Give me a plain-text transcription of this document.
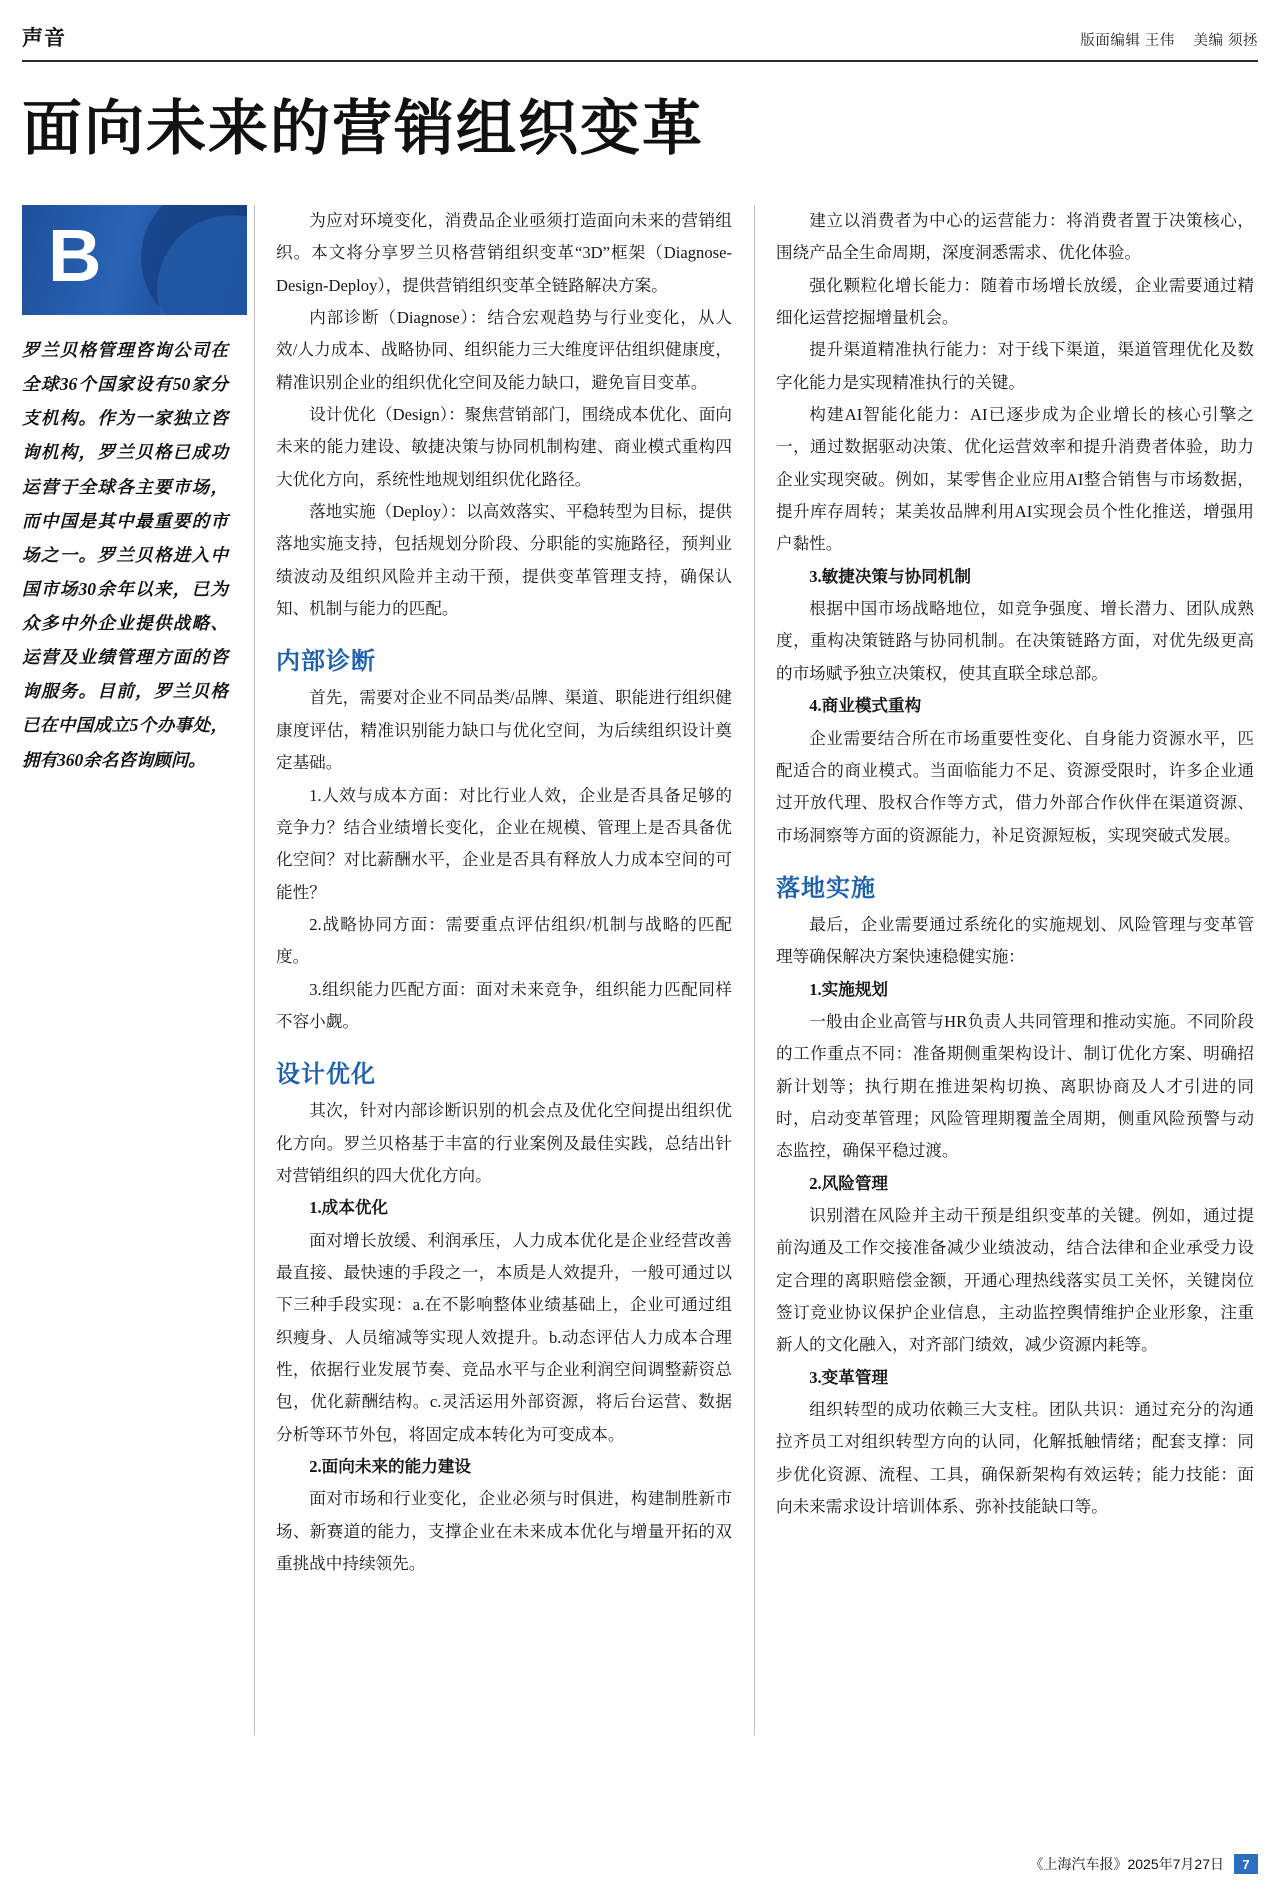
声音	版面编辑 王伟 美编 须拯
面向未来的营销组织变革
B
罗兰贝格管理咨询公司在全球36个国家设有50家分支机构。作为一家独立咨询机构，罗兰贝格已成功运营于全球各主要市场，而中国是其中最重要的市场之一。罗兰贝格进入中国市场30余年以来，已为众多中外企业提供战略、运营及业绩管理方面的咨询服务。目前，罗兰贝格已在中国成立5个办事处，拥有360余名咨询顾问。

为应对环境变化，消费品企业亟须打造面向未来的营销组织。本文将分享罗兰贝格营销组织变革“3D”框架（Diagnose-Design-Deploy），提供营销组织变革全链路解决方案。

内部诊断（Diagnose）：结合宏观趋势与行业变化，从人效/人力成本、战略协同、组织能力三大维度评估组织健康度，精准识别企业的组织优化空间及能力缺口，避免盲目变革。

设计优化（Design）：聚焦营销部门，围绕成本优化、面向未来的能力建设、敏捷决策与协同机制构建、商业模式重构四大优化方向，系统性地规划组织优化路径。

落地实施（Deploy）：以高效落实、平稳转型为目标，提供落地实施支持，包括规划分阶段、分职能的实施路径，预判业绩波动及组织风险并主动干预，提供变革管理支持，确保认知、机制与能力的匹配。

内部诊断

首先，需要对企业不同品类/品牌、渠道、职能进行组织健康度评估，精准识别能力缺口与优化空间，为后续组织设计奠定基础。

1.人效与成本方面：对比行业人效，企业是否具备足够的竞争力？结合业绩增长变化，企业在规模、管理上是否具备优化空间？对比薪酬水平，企业是否具有释放人力成本空间的可能性？

2.战略协同方面：需要重点评估组织/机制与战略的匹配度。

3.组织能力匹配方面：面对未来竞争，组织能力匹配同样不容小觑。

设计优化

其次，针对内部诊断识别的机会点及优化空间提出组织优化方向。罗兰贝格基于丰富的行业案例及最佳实践，总结出针对营销组织的四大优化方向。

1.成本优化

面对增长放缓、利润承压，人力成本优化是企业经营改善最直接、最快速的手段之一，本质是人效提升，一般可通过以下三种手段实现：a.在不影响整体业绩基础上，企业可通过组织瘦身、人员缩减等实现人效提升。b.动态评估人力成本合理性，依据行业发展节奏、竞品水平与企业利润空间调整薪资总包，优化薪酬结构。c.灵活运用外部资源，将后台运营、数据分析等环节外包，将固定成本转化为可变成本。

2.面向未来的能力建设

面对市场和行业变化，企业必须与时俱进，构建制胜新市场、新赛道的能力，支撑企业在未来成本优化与增量开拓的双重挑战中持续领先。

建立以消费者为中心的运营能力：将消费者置于决策核心，围绕产品全生命周期，深度洞悉需求、优化体验。

强化颗粒化增长能力：随着市场增长放缓，企业需要通过精细化运营挖掘增量机会。

提升渠道精准执行能力：对于线下渠道，渠道管理优化及数字化能力是实现精准执行的关键。

构建AI智能化能力：AI已逐步成为企业增长的核心引擎之一，通过数据驱动决策、优化运营效率和提升消费者体验，助力企业实现突破。例如，某零售企业应用AI整合销售与市场数据，提升库存周转；某美妆品牌利用AI实现会员个性化推送，增强用户黏性。

3.敏捷决策与协同机制

根据中国市场战略地位，如竞争强度、增长潜力、团队成熟度，重构决策链路与协同机制。在决策链路方面，对优先级更高的市场赋予独立决策权，使其直联全球总部。

4.商业模式重构

企业需要结合所在市场重要性变化、自身能力资源水平，匹配适合的商业模式。当面临能力不足、资源受限时，许多企业通过开放代理、股权合作等方式，借力外部合作伙伴在渠道资源、市场洞察等方面的资源能力，补足资源短板，实现突破式发展。

落地实施

最后，企业需要通过系统化的实施规划、风险管理与变革管理等确保解决方案快速稳健实施：

1.实施规划

一般由企业高管与HR负责人共同管理和推动实施。不同阶段的工作重点不同：准备期侧重架构设计、制订优化方案、明确招新计划等；执行期在推进架构切换、离职协商及人才引进的同时，启动变革管理；风险管理期覆盖全周期，侧重风险预警与动态监控，确保平稳过渡。

2.风险管理

识别潜在风险并主动干预是组织变革的关键。例如，通过提前沟通及工作交接准备减少业绩波动，结合法律和企业承受力设定合理的离职赔偿金额，开通心理热线落实员工关怀，关键岗位签订竞业协议保护企业信息，主动监控舆情维护企业形象，注重新人的文化融入，对齐部门绩效，减少资源内耗等。

3.变革管理

组织转型的成功依赖三大支柱。团队共识：通过充分的沟通拉齐员工对组织转型方向的认同，化解抵触情绪；配套支撑：同步优化资源、流程、工具，确保新架构有效运转；能力技能：面向未来需求设计培训体系、弥补技能缺口等。

《上海汽车报》2025年7月27日	7
